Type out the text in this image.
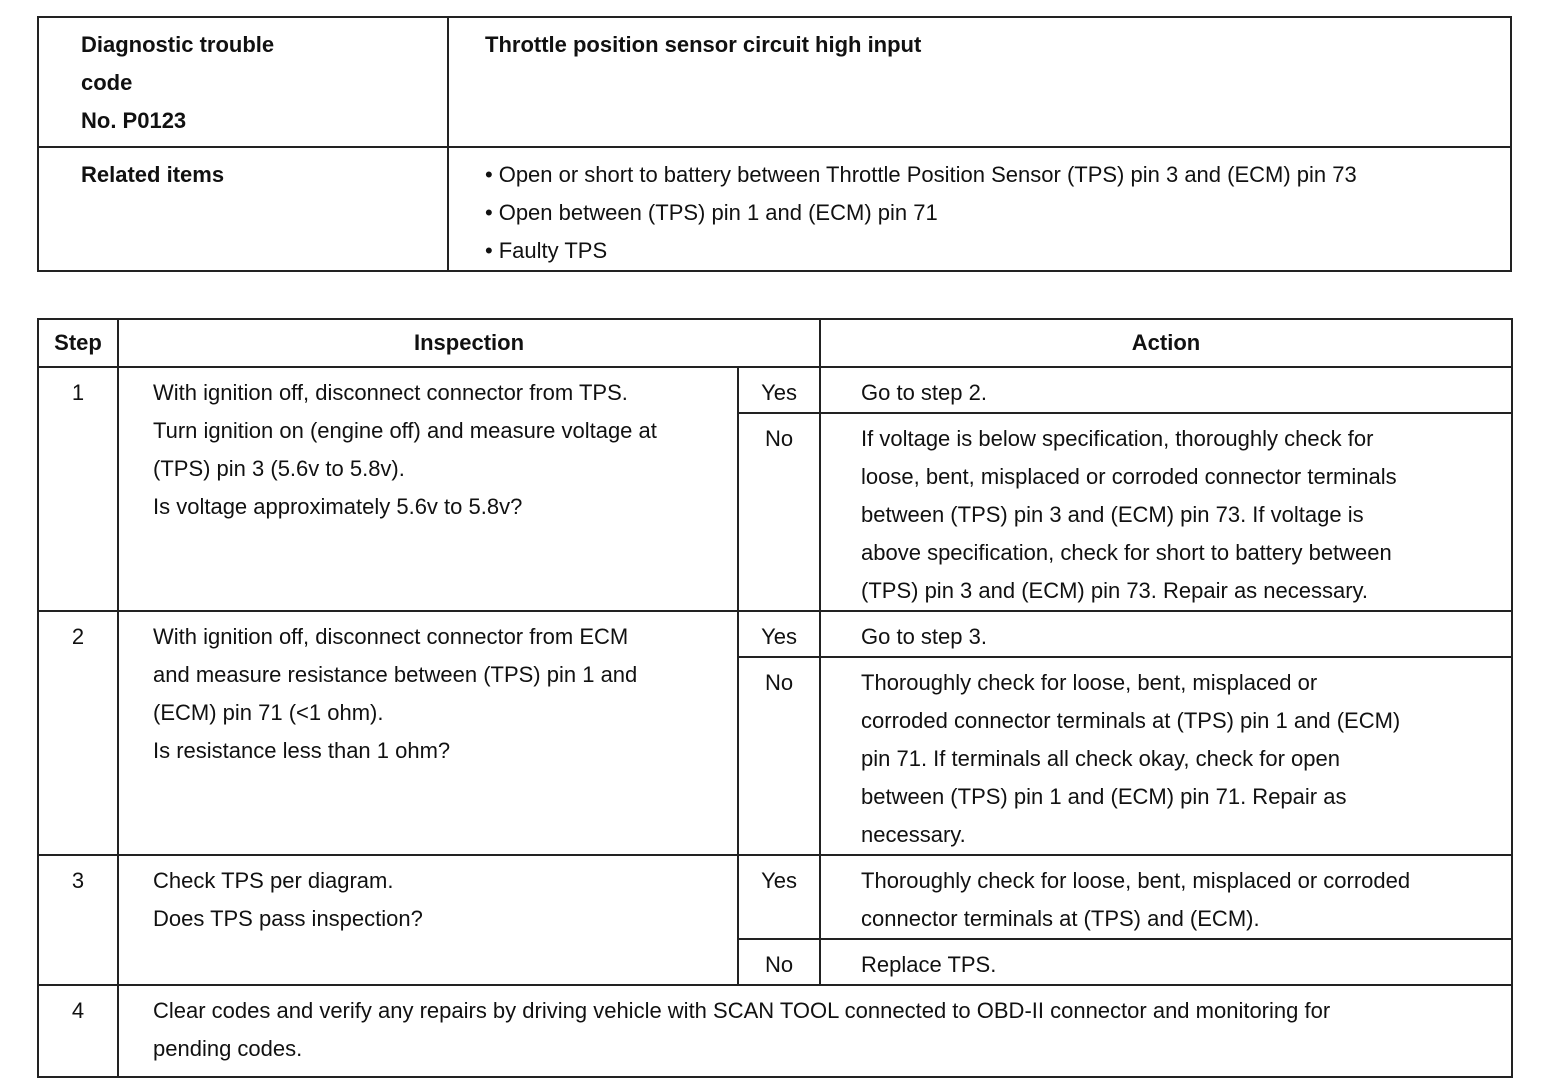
Diagnostic trouble
code
No. P0123	Throttle position sensor circuit high input
Related items	• Open or short to battery between Throttle Position Sensor (TPS) pin 3 and (ECM) pin 73
• Open between (TPS) pin 1 and (ECM) pin 71
• Faulty TPS
Step	Inspection		Action
1	With ignition off, disconnect connector from TPS.
Turn ignition on (engine off) and measure voltage at
(TPS) pin 3 (5.6v to 5.8v).
Is voltage approximately 5.6v to 5.8v?	Yes	Go to step 2.

		No	If voltage is below specification, thoroughly check for
loose, bent, misplaced or corroded connector terminals
between (TPS) pin 3 and (ECM) pin 73. If voltage is
above specification, check for short to battery between
(TPS) pin 3 and (ECM) pin 73. Repair as necessary.

2	With ignition off, disconnect connector from ECM
and measure resistance between (TPS) pin 1 and
(ECM) pin 71 (<1 ohm).
Is resistance less than 1 ohm?	Yes	Go to step 3.

		No	Thoroughly check for loose, bent, misplaced or
corroded connector terminals at (TPS) pin 1 and (ECM)
pin 71. If terminals all check okay, check for open
between (TPS) pin 1 and (ECM) pin 71. Repair as
necessary.

3	Check TPS per diagram.
Does TPS pass inspection?	Yes	Thoroughly check for loose, bent, misplaced or corroded
connector terminals at (TPS) and (ECM).

		No	Replace TPS.

4	Clear codes and verify any repairs by driving vehicle with SCAN TOOL connected to OBD-II connector and monitoring for
pending codes.		
